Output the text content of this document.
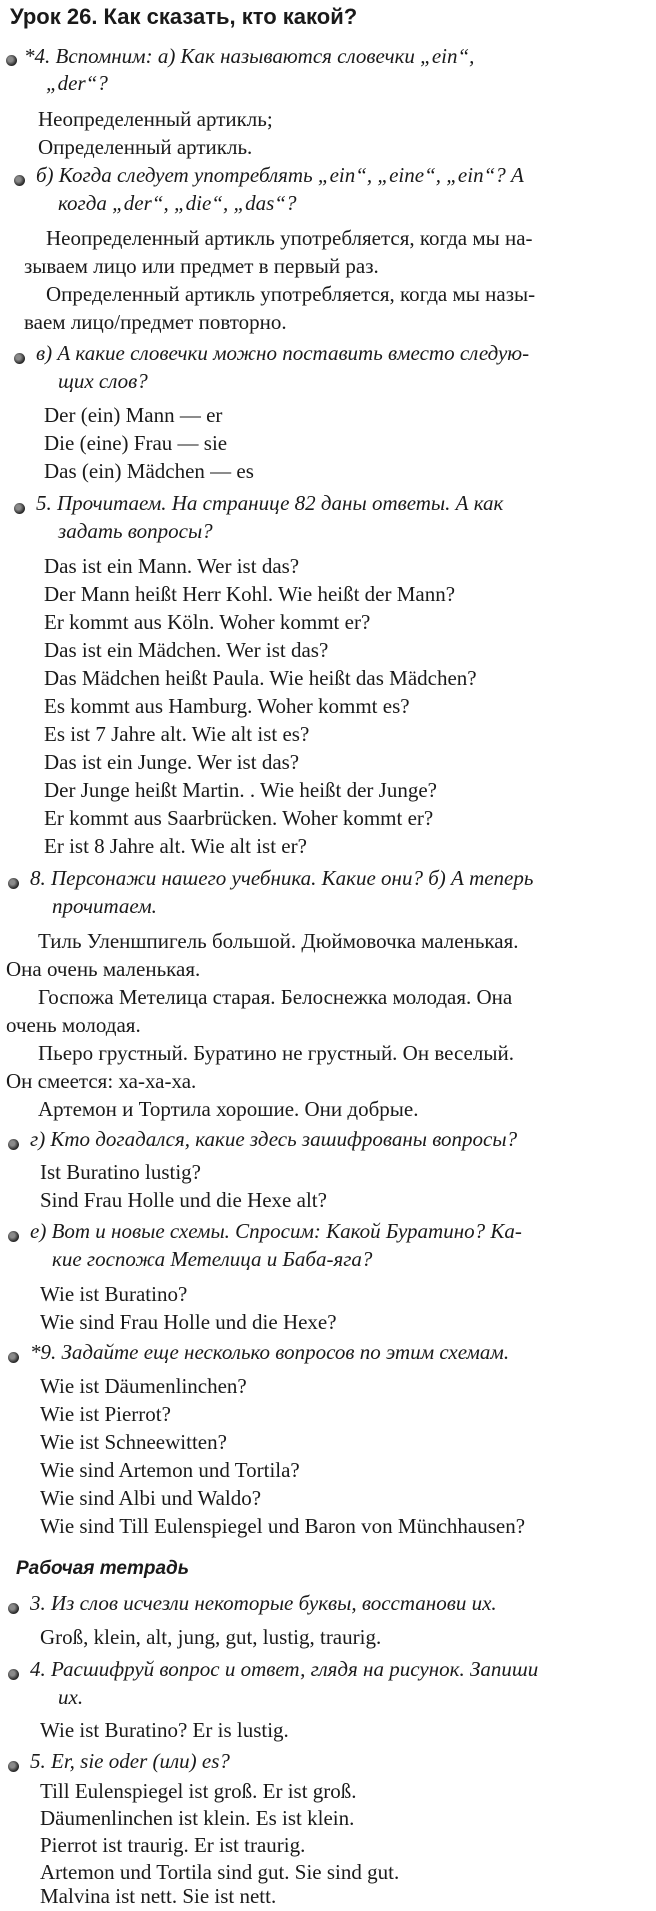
Урок 26. Как сказать, кто какой?
*4. Вспомним: а) Как называются словечки „ein“,
„der“?
Неопределенный артикль;
Определенный артикль.
б) Когда следует употреблять „ein“, „eine“, „ein“? А
когда „der“, „die“, „das“?
Неопределенный артикль употребляется, когда мы на-
зываем лицо или предмет в первый раз.
Определенный артикль употребляется, когда мы назы-
ваем лицо/предмет повторно.
в) А какие словечки можно поставить вместо следую-
щих слов?
Der (ein) Mann — er
Die (eine) Frau — sie
Das (ein) Mädchen — es
5. Прочитаем. На странице 82 даны ответы. А как
задать вопросы?
Das ist ein Mann. Wer ist das?
Der Mann heißt Herr Kohl. Wie heißt der Mann?
Er kommt aus Köln. Woher kommt er?
Das ist ein Mädchen. Wer ist das?
Das Mädchen heißt Paula. Wie heißt das Mädchen?
Es kommt aus Hamburg. Woher kommt es?
Es ist 7 Jahre alt. Wie alt ist es?
Das ist ein Junge. Wer ist das?
Der Junge heißt Martin. . Wie heißt der Junge?
Er kommt aus Saarbrücken. Woher kommt er?
Er ist 8 Jahre alt. Wie alt ist er?
8. Персонажи нашего учебника. Какие они? б) А теперь
прочитаем.
Тиль Уленшпигель большой. Дюймовочка маленькая.
Она очень маленькая.
Госпожа Метелица старая. Белоснежка молодая. Она
очень молодая.
Пьеро грустный. Буратино не грустный. Он веселый.
Он смеется: ха-ха-ха.
Артемон и Тортила хорошие. Они добрые.
г) Кто догадался, какие здесь зашифрованы вопросы?
Ist Buratino lustig?
Sind Frau Holle und die Hexe alt?
е) Вот и новые схемы. Спросим: Какой Буратино? Ка-
кие госпожа Метелица и Баба-яга?
Wie ist Buratino?
Wie sind Frau Holle und die Hexe?
*9. Задайте еще несколько вопросов по этим схемам.
Wie ist Däumenlinchen?
Wie ist Pierrot?
Wie ist Schneewitten?
Wie sind Artemon und Tortila?
Wie sind Albi und Waldo?
Wie sind Till Eulenspiegel und Baron von Münchhausen?
Рабочая тетрадь
3. Из слов исчезли некоторые буквы, восстанови их.
Groß, klein, alt, jung, gut, lustig, traurig.
4. Расшифруй вопрос и ответ, глядя на рисунок. Запиши
их.
Wie ist Buratino? Er is lustig.
5. Er, sie oder (или) es?
Till Eulenspiegel ist groß. Er ist groß.
Däumenlinchen ist klein. Es ist klein.
Pierrot ist traurig. Er ist traurig.
Artemon und Tortila sind gut. Sie sind gut.
Malvina ist nett. Sie ist nett.
